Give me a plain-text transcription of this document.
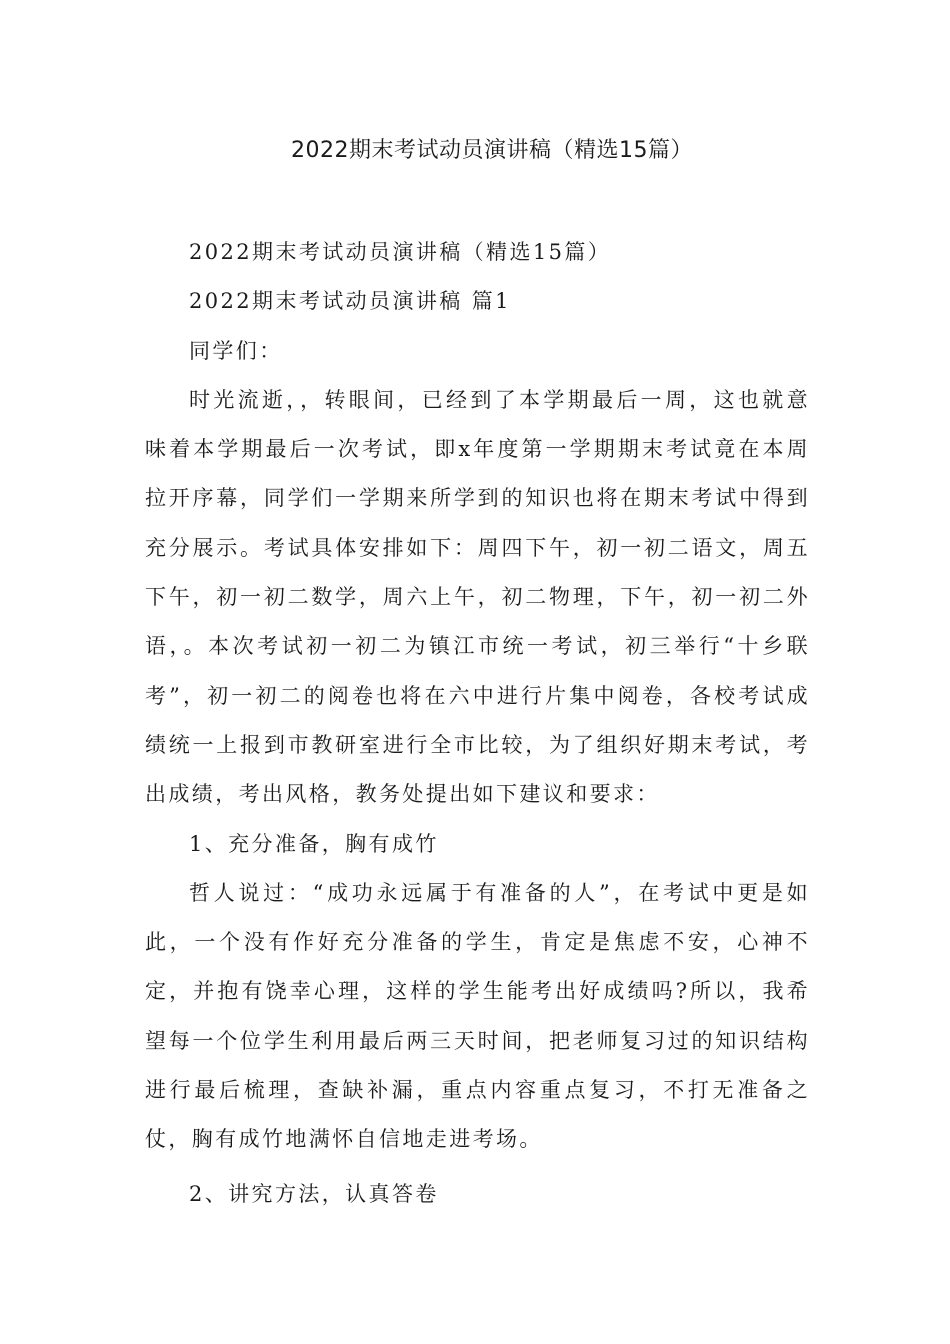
2022期末考试动员演讲稿（精选15篇）

2022期末考试动员演讲稿（精选15篇）

2022期末考试动员演讲稿 篇1

同学们：

时光流逝，，转眼间，已经到了本学期最后一周，这也就意味着本学期最后一次考试，即x年度第一学期期末考试竟在本周拉开序幕，同学们一学期来所学到的知识也将在期末考试中得到充分展示。考试具体安排如下：周四下午，初一初二语文，周五下午，初一初二数学，周六上午，初二物理，下午，初一初二外语，。本次考试初一初二为镇江市统一考试，初三举行“十乡联考”，初一初二的阅卷也将在六中进行片集中阅卷，各校考试成绩统一上报到市教研室进行全市比较，为了组织好期末考试，考出成绩，考出风格，教务处提出如下建议和要求：

1、充分准备，胸有成竹

哲人说过：“成功永远属于有准备的人”，在考试中更是如此，一个没有作好充分准备的学生，肯定是焦虑不安，心神不定，并抱有饶幸心理，这样的学生能考出好成绩吗?所以，我希望每一个位学生利用最后两三天时间，把老师复习过的知识结构进行最后梳理，查缺补漏，重点内容重点复习，不打无准备之仗，胸有成竹地满怀自信地走进考场。

2、讲究方法，认真答卷
